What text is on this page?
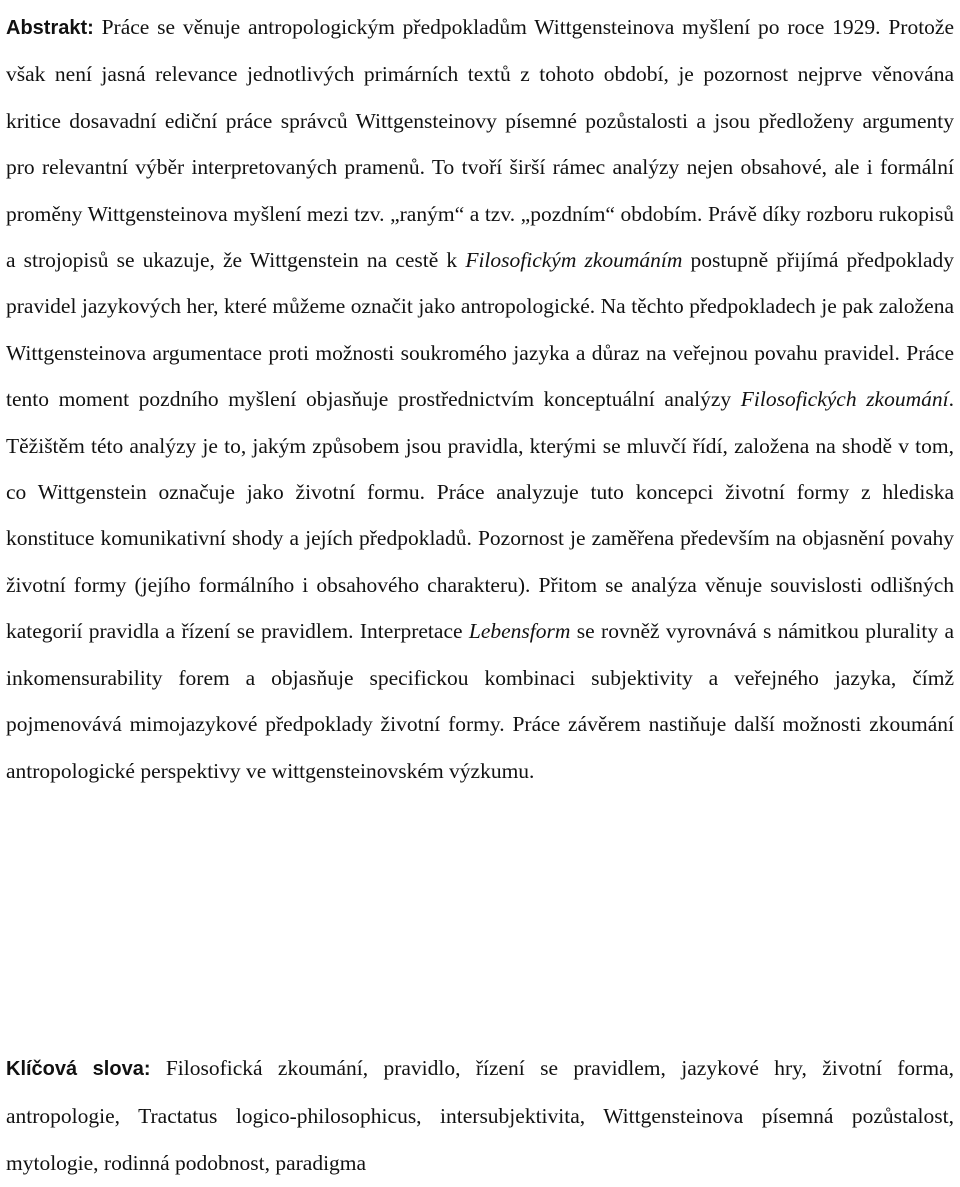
Abstrakt: Práce se věnuje antropologickým předpokladům Wittgensteinova myšlení po roce 1929. Protože však není jasná relevance jednotlivých primárních textů z tohoto období, je pozornost nejprve věnována kritice dosavadní ediční práce správců Wittgensteinovy písemné pozůstalosti a jsou předloženy argumenty pro relevantní výběr interpretovaných pramenů. To tvoří širší rámec analýzy nejen obsahové, ale i formální proměny Wittgensteinova myšlení mezi tzv. „raným“ a tzv. „pozdním“ obdobím. Právě díky rozboru rukopisů a strojopisů se ukazuje, že Wittgenstein na cestě k Filosofickým zkoumáním postupně přijímá předpoklady pravidel jazykových her, které můžeme označit jako antropologické. Na těchto předpokladech je pak založena Wittgensteinova argumentace proti možnosti soukromého jazyka a důraz na veřejnou povahu pravidel. Práce tento moment pozdního myšlení objasňuje prostřednictvím konceptuální analýzy Filosofických zkoumání. Těžištěm této analýzy je to, jakým způsobem jsou pravidla, kterými se mluvčí řídí, založena na shodě v tom, co Wittgenstein označuje jako životní formu. Práce analyzuje tuto koncepci životní formy z hlediska konstituce komunikativní shody a jejích předpokladů. Pozornost je zaměřena především na objasnění povahy životní formy (jejího formálního i obsahového charakteru). Přitom se analýza věnuje souvislosti odlišných kategorií pravidla a řízení se pravidlem. Interpretace Lebensform se rovněž vyrovnává s námitkou plurality a inkomensurability forem a objasňuje specifickou kombinaci subjektivity a veřejného jazyka, čímž pojmenovává mimojazykové předpoklady životní formy. Práce závěrem nastiňuje další možnosti zkoumání antropologické perspektivy ve wittgensteinovském výzkumu.

Klíčová slova: Filosofická zkoumání, pravidlo, řízení se pravidlem, jazykové hry, životní forma, antropologie, Tractatus logico-philosophicus, intersubjektivita, Wittgensteinova písemná pozůstalost, mytologie, rodinná podobnost, paradigma
